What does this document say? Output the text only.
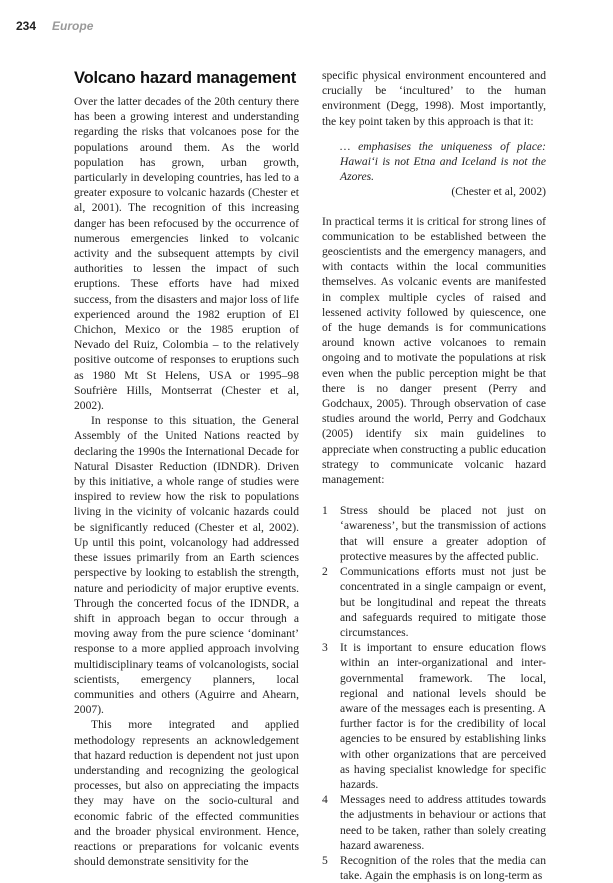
234 Europe
Volcano hazard management

Over the latter decades of the 20th century there has been a growing interest and understanding regarding the risks that volcanoes pose for the populations around them. As the world population has grown, urban growth, particularly in developing countries, has led to a greater exposure to volcanic hazards (Chester et al, 2001). The recognition of this increasing danger has been refocused by the occurrence of numerous emergencies linked to volcanic activity and the subsequent attempts by civil authorities to lessen the impact of such eruptions. These efforts have had mixed success, from the disasters and major loss of life experienced around the 1982 eruption of El Chichon, Mexico or the 1985 eruption of Nevado del Ruiz, Colombia – to the relatively positive outcome of responses to eruptions such as 1980 Mt St Helens, USA or 1995–98 Soufrière Hills, Montserrat (Chester et al, 2002).

In response to this situation, the General Assembly of the United Nations reacted by declaring the 1990s the International Decade for Natural Disaster Reduction (IDNDR). Driven by this initiative, a whole range of studies were inspired to review how the risk to populations living in the vicinity of volcanic hazards could be significantly reduced (Chester et al, 2002). Up until this point, volcanology had addressed these issues primarily from an Earth sciences perspective by looking to establish the strength, nature and periodicity of major eruptive events. Through the concerted focus of the IDNDR, a shift in approach began to occur through a moving away from the pure science ‘dominant’ response to a more applied approach involving multidisciplinary teams of volcanologists, social scientists, emergency planners, local communities and others (Aguirre and Ahearn, 2007).

This more integrated and applied methodology represents an acknowledgement that hazard reduction is dependent not just upon understanding and recognizing the geological processes, but also on appreciating the impacts they may have on the socio-cultural and economic fabric of the effected communities and the broader physical environment. Hence, reactions or preparations for volcanic events should demonstrate sensitivity for the

specific physical environment encountered and crucially be ‘incultured’ to the human environment (Degg, 1998). Most importantly, the key point taken by this approach is that it:

… emphasises the uniqueness of place: Hawai‘i is not Etna and Iceland is not the Azores.

(Chester et al, 2002)

In practical terms it is critical for strong lines of communication to be established between the geoscientists and the emergency managers, and with contacts within the local communities themselves. As volcanic events are manifested in complex multiple cycles of raised and lessened activity followed by quiescence, one of the huge demands is for communications around known active volcanoes to remain ongoing and to motivate the populations at risk even when the public perception might be that there is no danger present (Perry and Godchaux, 2005). Through observation of case studies around the world, Perry and Godchaux (2005) identify six main guidelines to appreciate when constructing a public education strategy to communicate volcanic hazard management:

1	Stress should be placed not just on ‘awareness’, but the transmission of actions that will ensure a greater adoption of protective measures by the affected public.
2	Communications efforts must not just be concentrated in a single campaign or event, but be longitudinal and repeat the threats and safeguards required to mitigate those circumstances.
3	It is important to ensure education flows within an inter-organizational and inter-governmental framework. The local, regional and national levels should be aware of the messages each is presenting. A further factor is for the credibility of local agencies to be ensured by establishing links with other organizations that are perceived as having specialist knowledge for specific hazards.
4	Messages need to address attitudes towards the adjustments in behaviour or actions that need to be taken, rather than solely creating hazard awareness.
5	Recognition of the roles that the media can take. Again the emphasis is on long-term as
